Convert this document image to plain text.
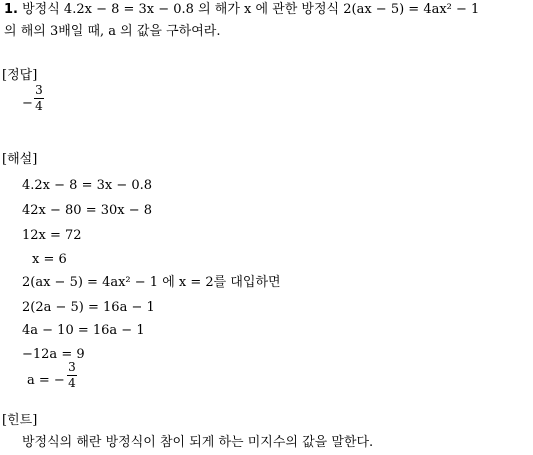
1. 방정식 4.2x − 8 = 3x − 0.8 의 해가 x 에 관한 방정식 2(ax − 5) = 4ax² − 1
의 해의 3배일 때, a 의 값을 구하여라.
[정답]
−
3
4
[해설]
4.2x − 8 = 3x − 0.8
42x − 80 = 30x − 8
12x = 72
x = 6
2(ax − 5) = 4ax² − 1 에 x = 2를 대입하면
2(2a − 5) = 16a − 1
4a − 10 = 16a − 1
−12a = 9
a = −
3
4
[힌트]
방정식의 해란 방정식이 참이 되게 하는 미지수의 값을 말한다.
